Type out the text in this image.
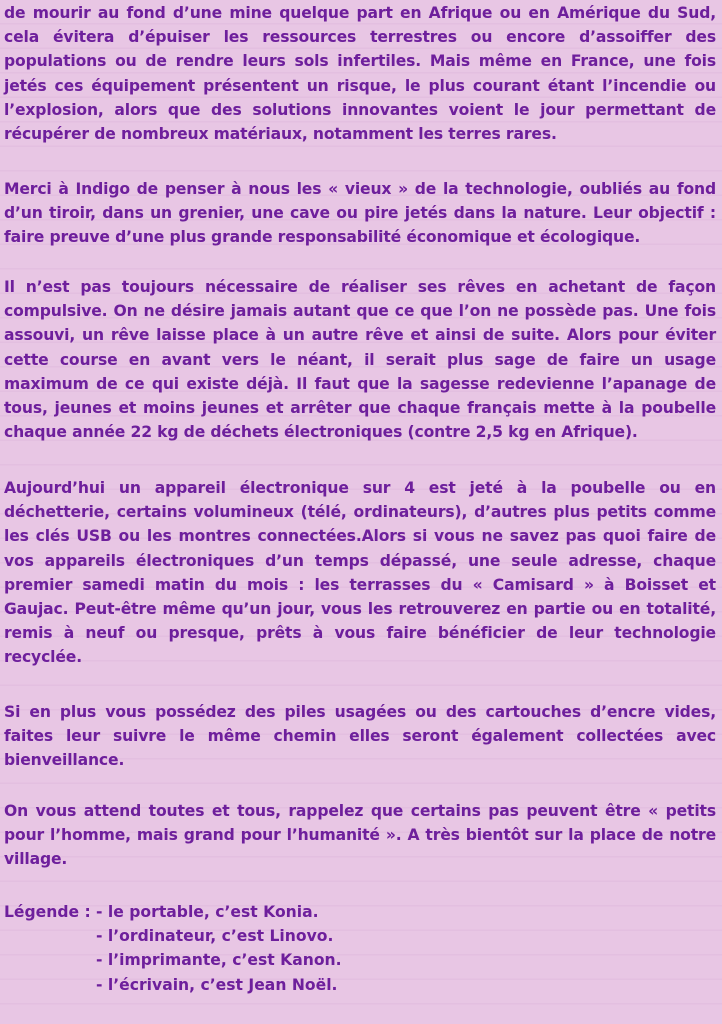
de mourir au fond d’une mine quelque part en Afrique ou en Amérique du Sud, cela évitera d’épuiser les ressources terrestres ou encore d’assoiffer des populations ou de rendre leurs sols infertiles. Mais même en France, une fois jetés ces équipement présentent un risque, le plus courant étant l’incendie ou l’explosion, alors que des solutions innovantes voient le jour permettant de récupérer de nombreux matériaux, notamment les terres rares.

Merci à Indigo de penser à nous les « vieux » de la technologie, oubliés au fond d’un tiroir, dans un grenier, une cave ou pire jetés dans la nature. Leur objectif : faire preuve d’une plus grande responsabilité économique et écologique.

Il n’est pas toujours nécessaire de réaliser ses rêves en achetant de façon compulsive. On ne désire jamais autant que ce que l’on ne possède pas. Une fois assouvi, un rêve laisse place à un autre rêve et ainsi de suite. Alors pour éviter cette course en avant vers le néant, il serait plus sage de faire un usage maximum de ce qui existe déjà. Il faut que la sagesse redevienne l’apanage de tous, jeunes et moins jeunes et arrêter que chaque français mette à la poubelle chaque année 22 kg de déchets électroniques (contre 2,5 kg en Afrique).

Aujourd’hui un appareil électronique sur 4 est jeté à la poubelle ou en déchetterie, certains volumineux (télé, ordinateurs), d’autres plus petits comme les clés USB ou les montres connectées.Alors si vous ne savez pas quoi faire de vos appareils électroniques d’un temps dépassé, une seule adresse, chaque premier samedi matin du mois : les terrasses du « Camisard » à Boisset et Gaujac. Peut-être même qu’un jour, vous les retrouverez en partie ou en totalité, remis à neuf ou presque, prêts à vous faire bénéficier de leur technologie recyclée.

Si en plus vous possédez des piles usagées ou des cartouches d’encre vides, faites leur suivre le même chemin elles seront également collectées avec bienveillance.

On vous attend toutes et tous, rappelez que certains pas peuvent être « petits pour l’homme, mais grand pour l’humanité ». A très bientôt sur la place de notre village.

Légende : - le portable, c’est Konia.
- l’ordinateur, c’est Linovo.
- l’imprimante, c’est Kanon.
- l’écrivain, c’est Jean Noël.
